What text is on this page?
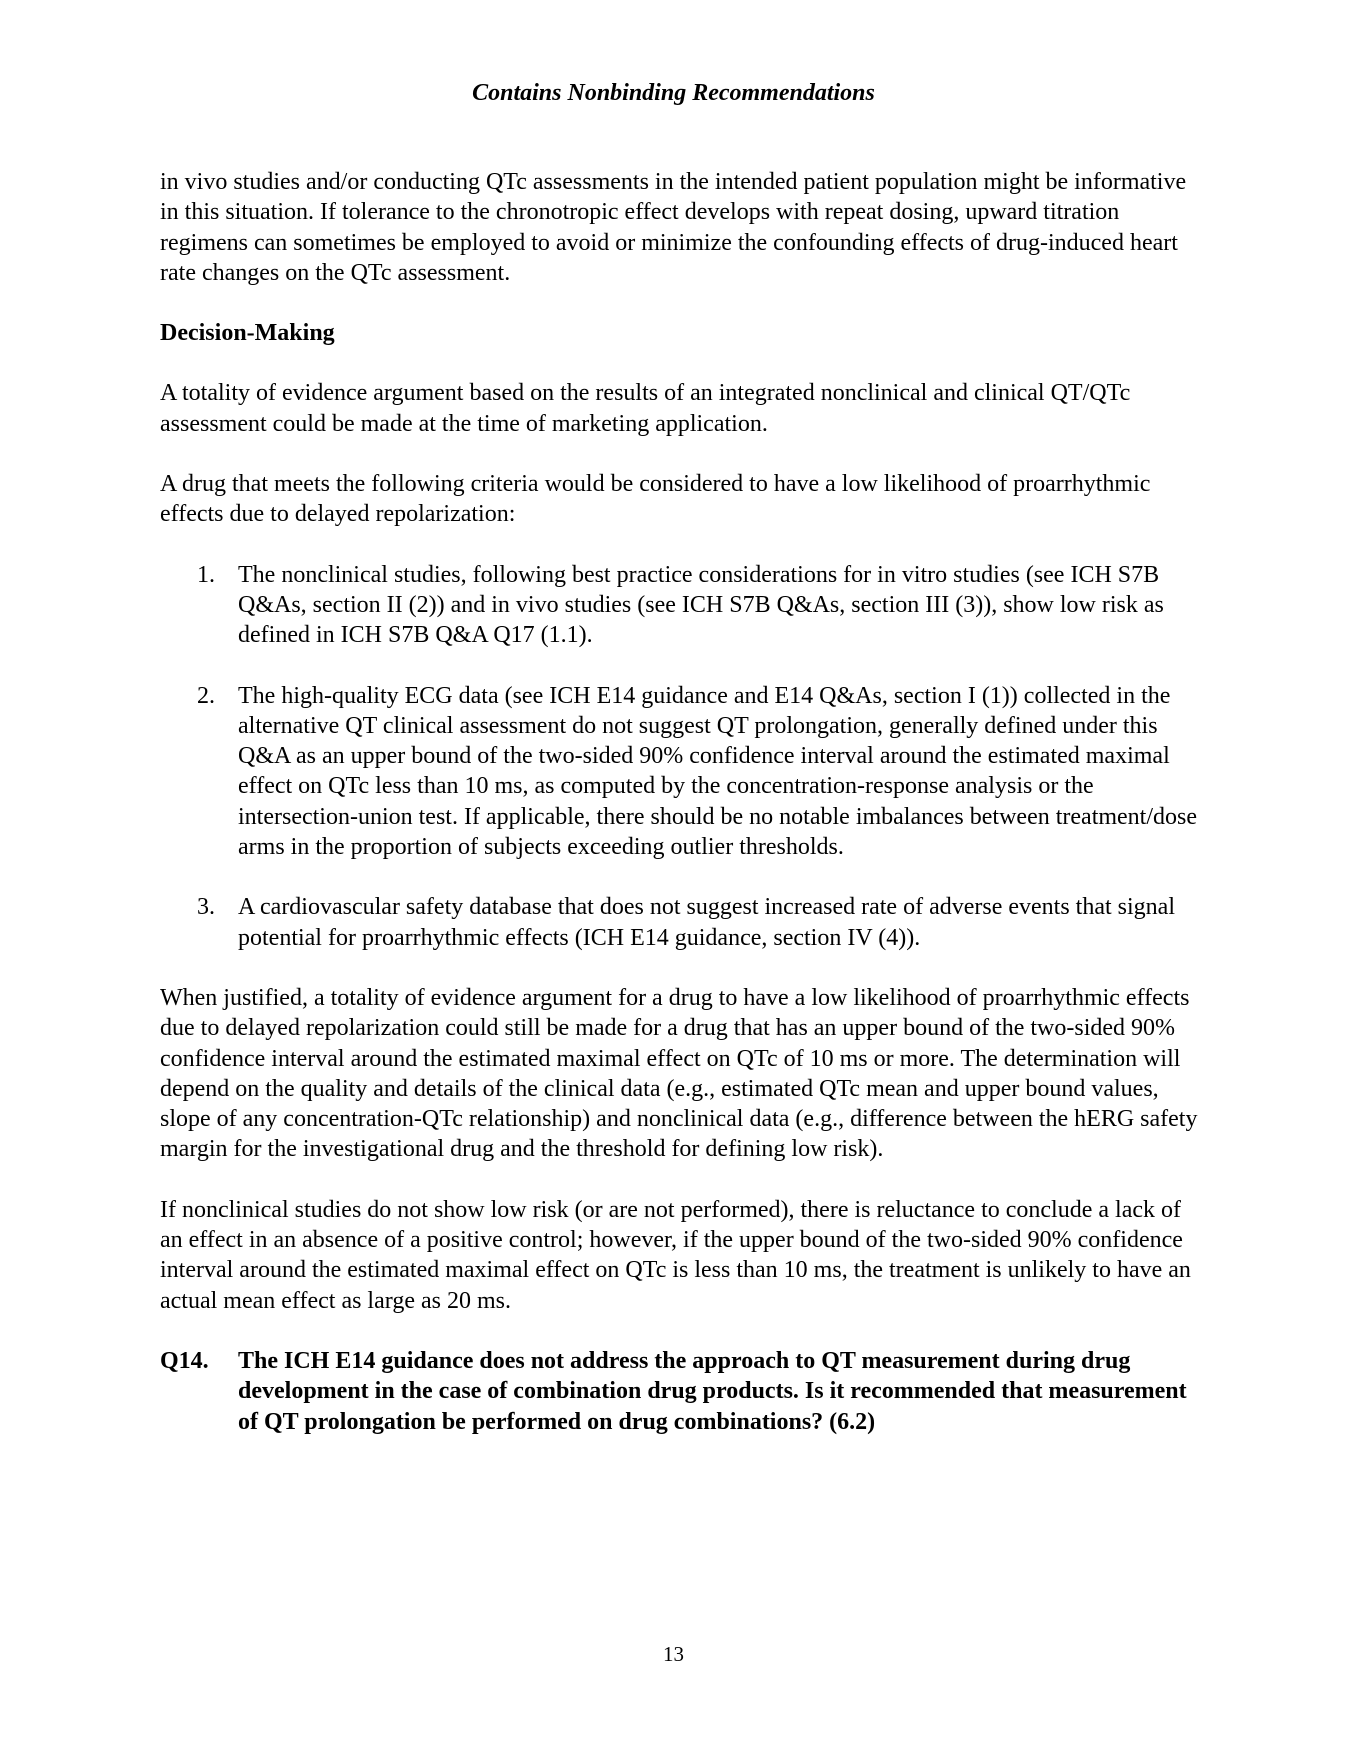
Contains Nonbinding Recommendations

in vivo studies and/or conducting QTc assessments in the intended patient population might be informative in this situation. If tolerance to the chronotropic effect develops with repeat dosing, upward titration regimens can sometimes be employed to avoid or minimize the confounding effects of drug-induced heart rate changes on the QTc assessment.

Decision-Making

A totality of evidence argument based on the results of an integrated nonclinical and clinical QT/QTc assessment could be made at the time of marketing application.

A drug that meets the following criteria would be considered to have a low likelihood of proarrhythmic effects due to delayed repolarization:

1. The nonclinical studies, following best practice considerations for in vitro studies (see ICH S7B Q&As, section II (2)) and in vivo studies (see ICH S7B Q&As, section III (3)), show low risk as defined in ICH S7B Q&A Q17 (1.1).
2. The high-quality ECG data (see ICH E14 guidance and E14 Q&As, section I (1)) collected in the alternative QT clinical assessment do not suggest QT prolongation, generally defined under this Q&A as an upper bound of the two-sided 90% confidence interval around the estimated maximal effect on QTc less than 10 ms, as computed by the concentration-response analysis or the intersection-union test. If applicable, there should be no notable imbalances between treatment/dose arms in the proportion of subjects exceeding outlier thresholds.
3. A cardiovascular safety database that does not suggest increased rate of adverse events that signal potential for proarrhythmic effects (ICH E14 guidance, section IV (4)).

When justified, a totality of evidence argument for a drug to have a low likelihood of proarrhythmic effects due to delayed repolarization could still be made for a drug that has an upper bound of the two-sided 90% confidence interval around the estimated maximal effect on QTc of 10 ms or more. The determination will depend on the quality and details of the clinical data (e.g., estimated QTc mean and upper bound values, slope of any concentration-QTc relationship) and nonclinical data (e.g., difference between the hERG safety margin for the investigational drug and the threshold for defining low risk).

If nonclinical studies do not show low risk (or are not performed), there is reluctance to conclude a lack of an effect in an absence of a positive control; however, if the upper bound of the two-sided 90% confidence interval around the estimated maximal effect on QTc is less than 10 ms, the treatment is unlikely to have an actual mean effect as large as 20 ms.

Q14. The ICH E14 guidance does not address the approach to QT measurement during drug development in the case of combination drug products. Is it recommended that measurement of QT prolongation be performed on drug combinations? (6.2)
13
